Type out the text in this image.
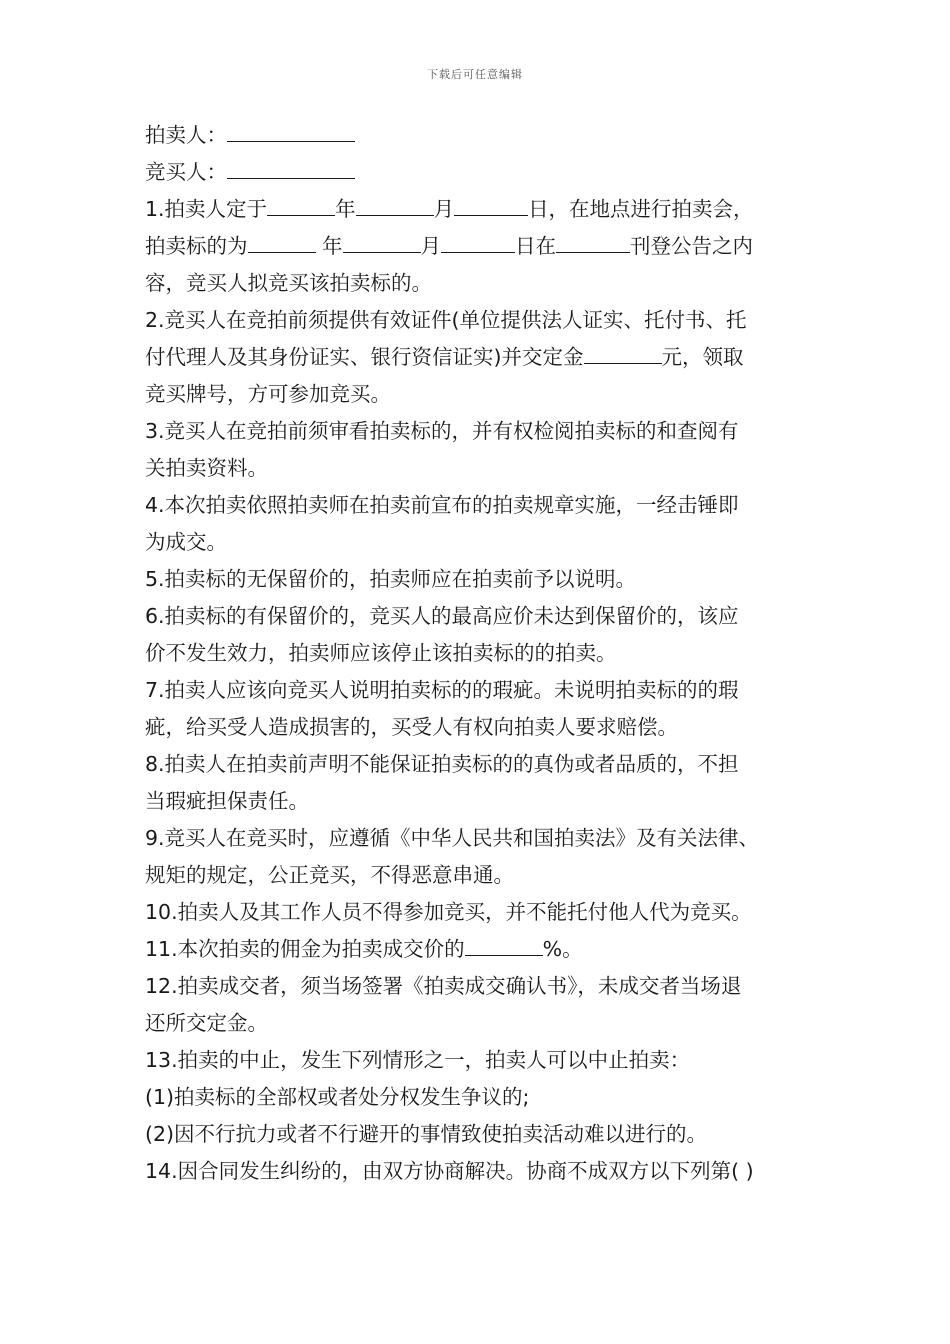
下载后可任意编辑
拍卖人：
竞买人：
1.拍卖人定于	年	月	日，在地点进行拍卖会，
拍卖标的为	年	月	日在	刊登公告之内
容，竞买人拟竞买该拍卖标的。
2.竞买人在竞拍前须提供有效证件(单位提供法人证实、托付书、托
付代理人及其身份证实、银行资信证实)并交定金	元，领取
竞买牌号，方可参加竞买。
3.竞买人在竞拍前须审看拍卖标的，并有权检阅拍卖标的和查阅有
关拍卖资料。
4.本次拍卖依照拍卖师在拍卖前宣布的拍卖规章实施，一经击锤即
为成交。
5.拍卖标的无保留价的，拍卖师应在拍卖前予以说明。
6.拍卖标的有保留价的，竞买人的最高应价未达到保留价的，该应
价不发生效力，拍卖师应该停止该拍卖标的的拍卖。
7.拍卖人应该向竞买人说明拍卖标的的瑕疵。未说明拍卖标的的瑕
疵，给买受人造成损害的，买受人有权向拍卖人要求赔偿。
8.拍卖人在拍卖前声明不能保证拍卖标的的真伪或者品质的，不担
当瑕疵担保责任。
9.竞买人在竞买时，应遵循《中华人民共和国拍卖法》及有关法律、
规矩的规定，公正竞买，不得恶意串通。
10.拍卖人及其工作人员不得参加竞买，并不能托付他人代为竞买。
11.本次拍卖的佣金为拍卖成交价的	%。
12.拍卖成交者，须当场签署《拍卖成交确认书》，未成交者当场退
还所交定金。
13.拍卖的中止，发生下列情形之一，拍卖人可以中止拍卖：
(1)拍卖标的全部权或者处分权发生争议的;
(2)因不行抗力或者不行避开的事情致使拍卖活动难以进行的。
14.因合同发生纠纷的，由双方协商解决。协商不成双方以下列第( )
